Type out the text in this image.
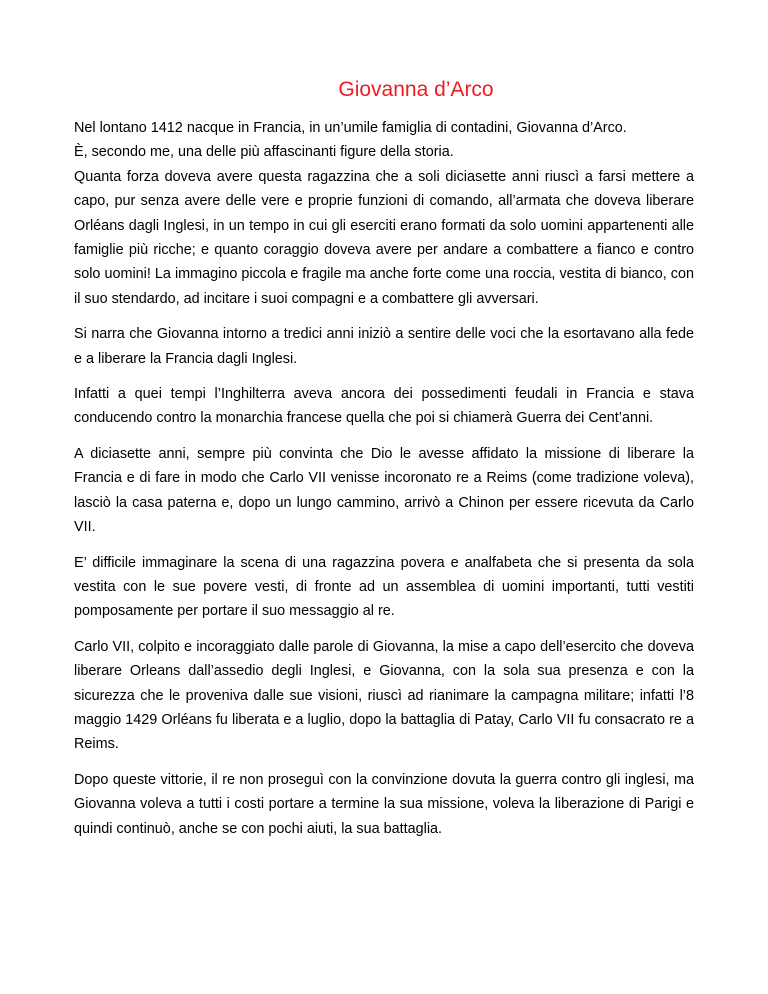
Giovanna d’Arco

Nel lontano 1412 nacque in Francia, in un’umile famiglia di contadini, Giovanna d’Arco.

È, secondo me, una delle più affascinanti figure della storia.

Quanta forza doveva avere questa ragazzina che a soli diciasette anni riuscì a farsi mettere a capo, pur senza avere delle vere e proprie funzioni di comando, all’armata che doveva liberare Orléans dagli Inglesi, in un tempo in cui gli eserciti erano formati da solo uomini appartenenti alle famiglie più ricche; e quanto coraggio doveva avere per andare a combattere a fianco e contro solo uomini! La immagino piccola e fragile ma anche forte come una roccia, vestita di bianco, con il suo stendardo, ad incitare i suoi compagni e a combattere gli avversari.

Si narra che Giovanna intorno a tredici anni iniziò a sentire delle voci che la esortavano alla fede e a liberare la Francia dagli Inglesi.

Infatti a quei tempi l’Inghilterra aveva ancora dei possedimenti feudali in Francia e stava conducendo contro la monarchia francese quella che poi si chiamerà Guerra dei Cent’anni.

A diciasette anni, sempre più convinta che Dio le avesse affidato la missione di liberare la Francia e di fare in modo che Carlo VII venisse incoronato re a Reims (come tradizione voleva), lasciò la casa paterna e, dopo un lungo cammino, arrivò a Chinon per essere ricevuta da Carlo VII.

E’ difficile immaginare la scena di una ragazzina povera e analfabeta che si presenta da sola vestita con le sue povere vesti, di fronte ad un assemblea di uomini importanti, tutti vestiti pomposamente per portare il suo messaggio al re.

Carlo VII, colpito e incoraggiato dalle parole di Giovanna, la mise a capo dell’esercito che doveva liberare Orleans dall’assedio degli Inglesi, e Giovanna, con la sola sua presenza e con la sicurezza che le proveniva dalle sue visioni, riuscì ad rianimare la campagna militare; infatti l’8 maggio 1429 Orléans fu liberata e a luglio, dopo la battaglia di Patay, Carlo VII fu consacrato re a Reims.

Dopo queste vittorie, il re non proseguì con la convinzione dovuta la guerra contro gli inglesi, ma Giovanna voleva a tutti i costi portare a termine la sua missione, voleva la liberazione di Parigi e quindi continuò, anche se con pochi aiuti, la sua battaglia.
